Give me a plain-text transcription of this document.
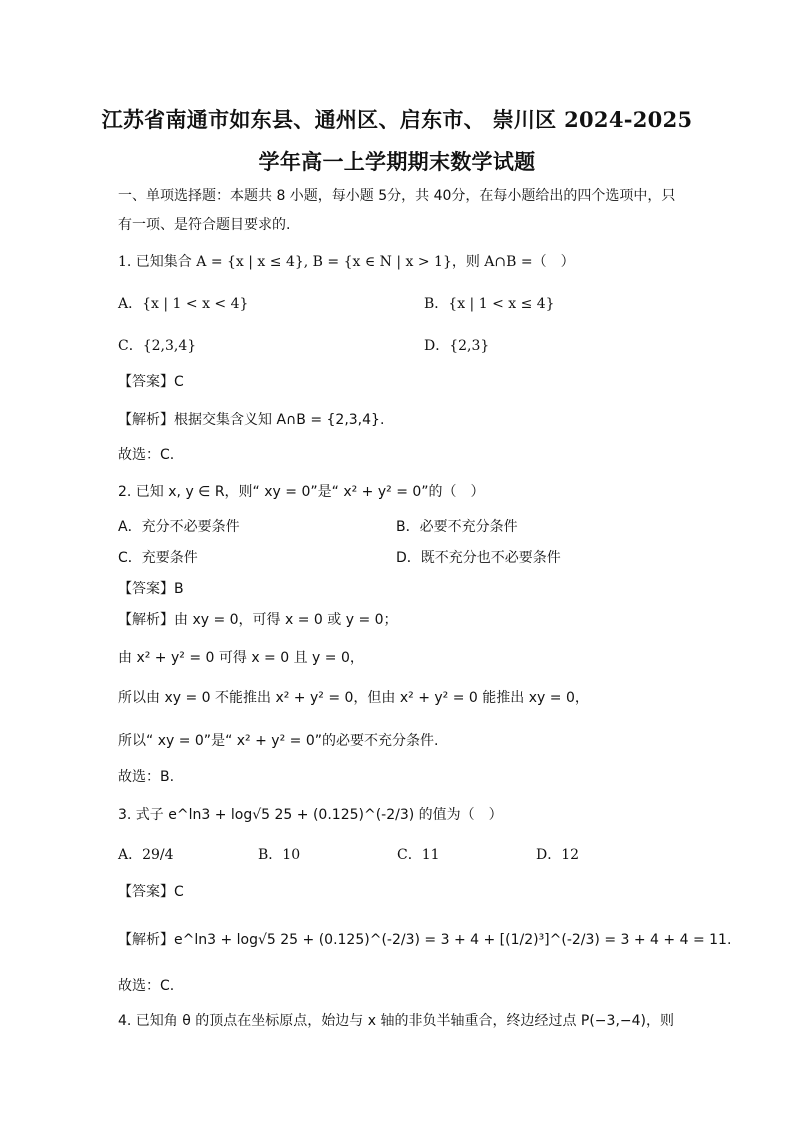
江苏省南通市如东县、通州区、启东市、 崇川区 2024-2025
学年高一上学期期末数学试题
一、单项选择题：本题共 8 小题，每小题 5分，共 40分，在每小题给出的四个选项中，只
有一项、是符合题目要求的.
1. 已知集合 A = {x | x ≤ 4}, B = {x ∈ N | x > 1}，则 A∩B =（　）
A．{x | 1 < x < 4}	B．{x | 1 < x ≤ 4}
C．{2,3,4}	D．{2,3}
【答案】C
【解析】根据交集含义知 A∩B = {2,3,4}.
故选：C.
2. 已知 x, y ∈ R，则“ xy = 0”是“ x² + y² = 0”的（　）
A．充分不必要条件	B．必要不充分条件
C．充要条件	D．既不充分也不必要条件
【答案】B
【解析】由 xy = 0，可得 x = 0 或 y = 0；
由 x² + y² = 0 可得 x = 0 且 y = 0，
所以由 xy = 0 不能推出 x² + y² = 0，但由 x² + y² = 0 能推出 xy = 0，
所以“ xy = 0”是“ x² + y² = 0”的必要不充分条件.
故选：B.
3. 式子 e^ln3 + log√5 25 + (0.125)^(-2/3) 的值为（　）
A．29/4	B．10	C．11	D．12
【答案】C
【解析】e^ln3 + log√5 25 + (0.125)^(-2/3) = 3 + 4 + [(1/2)³]^(-2/3) = 3 + 4 + 4 = 11.
故选：C.
4. 已知角 θ 的顶点在坐标原点，始边与 x 轴的非负半轴重合，终边经过点 P(−3,−4)，则
